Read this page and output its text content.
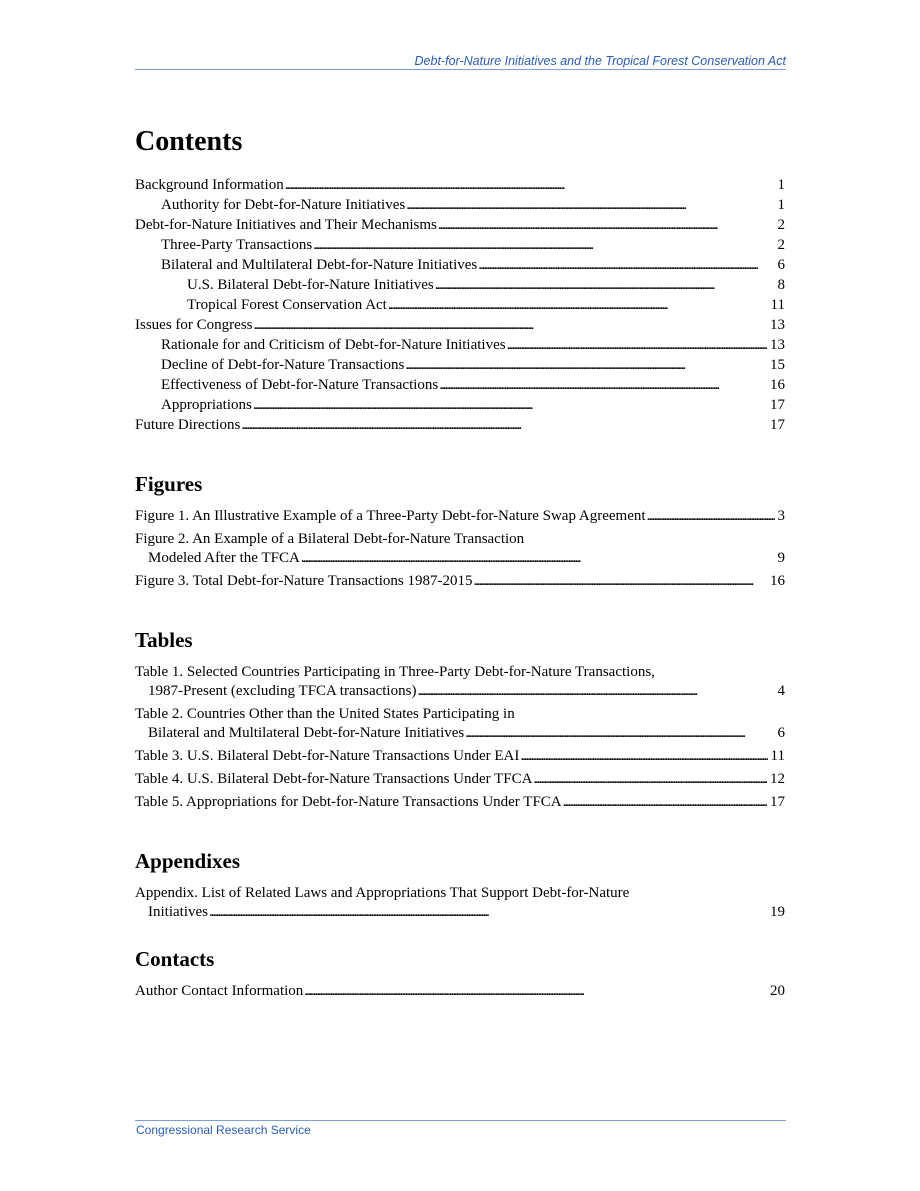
Debt-for-Nature Initiatives and the Tropical Forest Conservation Act
Contents
Background Information . . .	1
Authority for Debt-for-Nature Initiatives . . .	1
Debt-for-Nature Initiatives and Their Mechanisms . . .	2
Three-Party Transactions . . .	2
Bilateral and Multilateral Debt-for-Nature Initiatives . . .	6
U.S. Bilateral Debt-for-Nature Initiatives . . .	8
Tropical Forest Conservation Act . . .	11
Issues for Congress . . .	13
Rationale for and Criticism of Debt-for-Nature Initiatives . . .	13
Decline of Debt-for-Nature Transactions . . .	15
Effectiveness of Debt-for-Nature Transactions . . .	16
Appropriations . . .	17
Future Directions . . .	17
Figures
Figure 1. An Illustrative Example of a Three-Party Debt-for-Nature Swap Agreement . . .	3
Figure 2. An Example of a Bilateral Debt-for-Nature Transaction
Modeled After the TFCA . . .	9
Figure 3. Total Debt-for-Nature Transactions 1987-2015 . . .	16
Tables
Table 1. Selected Countries Participating in Three-Party Debt-for-Nature Transactions,
1987-Present (excluding TFCA transactions) . . .	4
Table 2. Countries Other than the United States Participating in
Bilateral and Multilateral Debt-for-Nature Initiatives . . .	6
Table 3. U.S. Bilateral Debt-for-Nature Transactions Under EAI . . .	11
Table 4. U.S. Bilateral Debt-for-Nature Transactions Under TFCA . . .	12
Table 5. Appropriations for Debt-for-Nature Transactions Under TFCA . . .	17
Appendixes
Appendix. List of Related Laws and Appropriations That Support Debt-for-Nature
Initiatives . . .	19
Contacts
Author Contact Information . . .	20
Congressional Research Service
